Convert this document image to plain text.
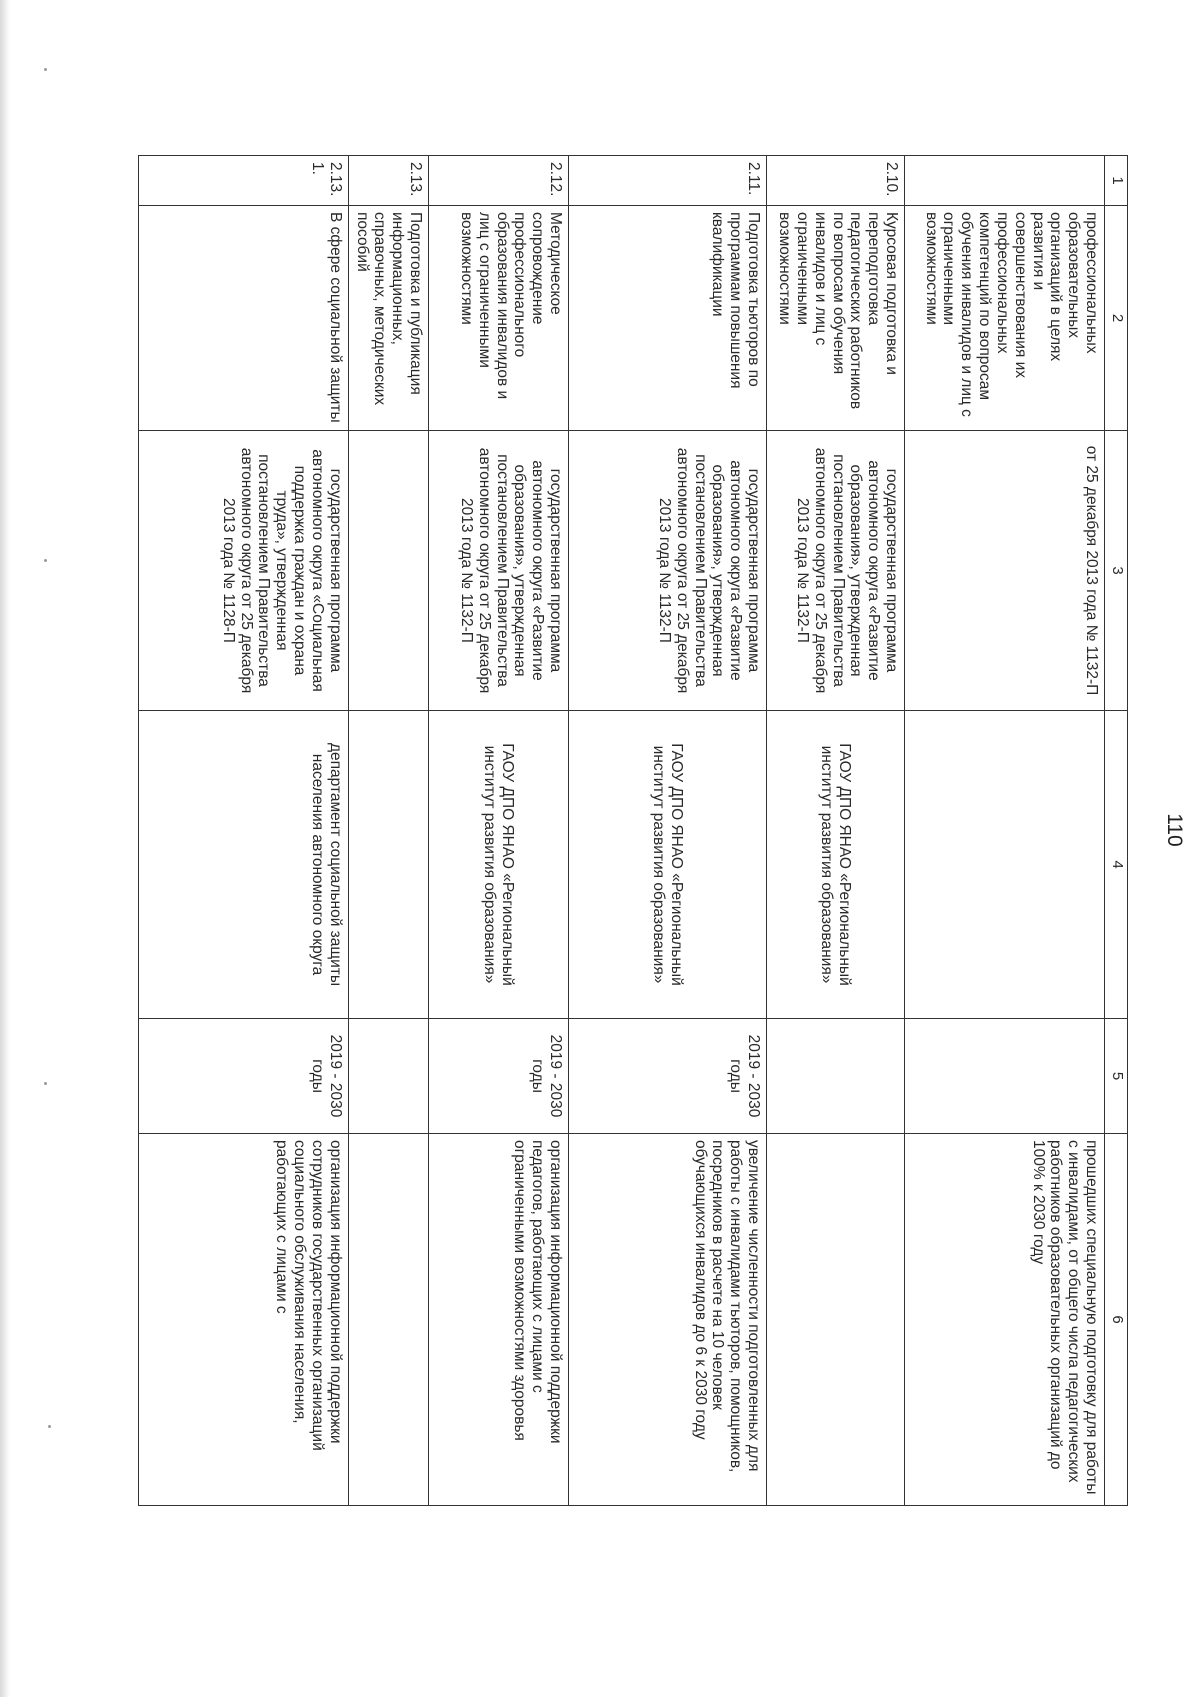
110
1	2	3	4	5	6
	профессиональных образовательных организаций в целях развития и совершенствования их профессиональных компетенций по вопросам обучения инвалидов и лиц с ограниченными возможностями	от 25 декабря 2013 года № 1132-П			прошедших специальную подготовку для работы с инвалидами, от общего числа педагогических работников образовательных организаций до 100% к 2030 году
2.10.	Курсовая подготовка и переподготовка педагогических работников по вопросам обучения инвалидов и лиц с ограниченными возможностями	государственная программа автономного округа «Развитие образования», утвержденная постановлением Правительства автономного округа от 25 декабря 2013 года № 1132-П	ГАОУ ДПО ЯНАО «Региональный институт развития образования»		
2.11.	Подготовка тьюторов по программам повышения квалификации	государственная программа автономного округа «Развитие образования», утвержденная постановлением Правительства автономного округа от 25 декабря 2013 года № 1132-П	ГАОУ ДПО ЯНАО «Региональный институт развития образования»	2019 - 2030 годы	увеличение численности подготовленных для работы с инвалидами тьюторов, помощников, посредников в расчете на 10 человек обучающихся инвалидов до 6 к 2030 году
2.12.	Методическое сопровождение профессионального образования инвалидов и лиц с ограниченными возможностями	государственная программа автономного округа «Развитие образования», утвержденная постановлением Правительства автономного округа от 25 декабря 2013 года № 1132-П	ГАОУ ДПО ЯНАО «Региональный институт развития образования»	2019 - 2030 годы	организация информационной поддержки педагогов, работающих с лицами с ограниченными возможностями здоровья
2.13.	Подготовка и публикация информационных, справочных, методических пособий				
2.13.1.	В сфере социальной защиты	государственная программа автономного округа «Социальная поддержка граждан и охрана труда», утвержденная постановлением Правительства автономного округа от 25 декабря 2013 года № 1128-П	департамент социальной защиты населения автономного округа	2019 - 2030 годы	организация информационной поддержки сотрудников государственных организаций социального обслуживания населения, работающих с лицами с
